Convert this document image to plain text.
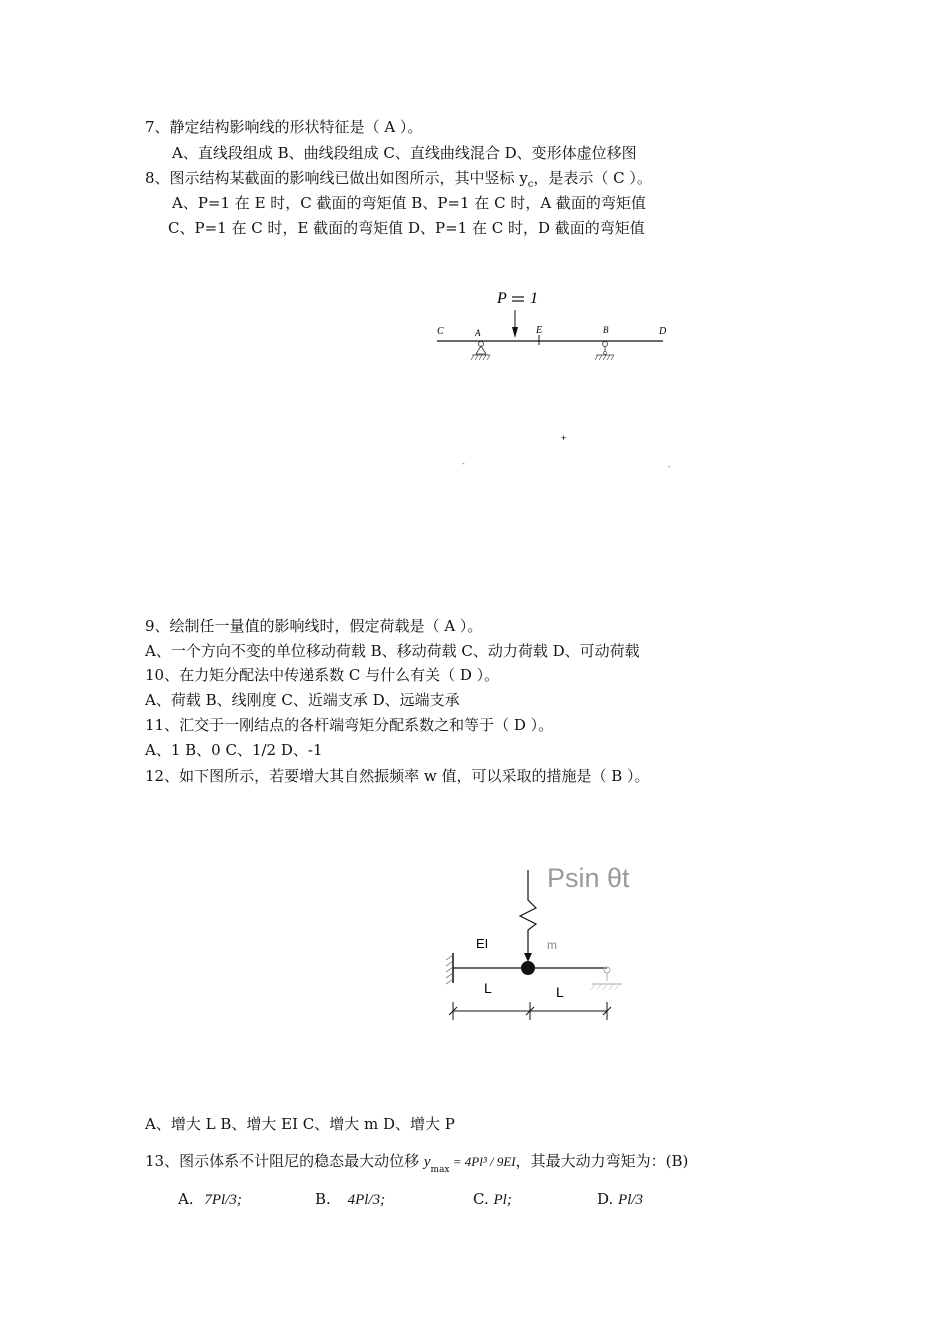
7、静定结构影响线的形状特征是（ A ）。
A、直线段组成 B、曲线段组成 C、直线曲线混合 D、变形体虚位移图
8、图示结构某截面的影响线已做出如图所示，其中竖标 $y_c$，是表示（ C ）。
A、P=1 在 E 时，C 截面的弯矩值 B、P=1 在 C 时，A 截面的弯矩值
C、P=1 在 C 时，E 截面的弯矩值 D、P=1 在 C 时，D 截面的弯矩值
P 1
C	A	E	B	D
+
-	-
9、绘制任一量值的影响线时，假定荷载是（ A ）。
A、一个方向不变的单位移动荷载 B、移动荷载 C、动力荷载 D、可动荷载
10、在力矩分配法中传递系数 C 与什么有关（ D ）。
A、荷载 B、线刚度 C、近端支承 D、远端支承
11、汇交于一刚结点的各杆端弯矩分配系数之和等于（ D ）。
A、1 B、0 C、1/2 D、-1
12、如下图所示，若要增大其自然振频率 w 值，可以采取的措施是（ B ）。
Psin θt
EI	m
L	L
A、增大 L B、增大 EI C、增大 m D、增大 P
13、图示体系不计阻尼的稳态最大动位移 $y_{max} = 4Pl^3 / 9EI$，其最大动力弯矩为：(B)
A. 7Pl/3;	B. 4Pl/3;	C. Pl;	D. Pl/3
